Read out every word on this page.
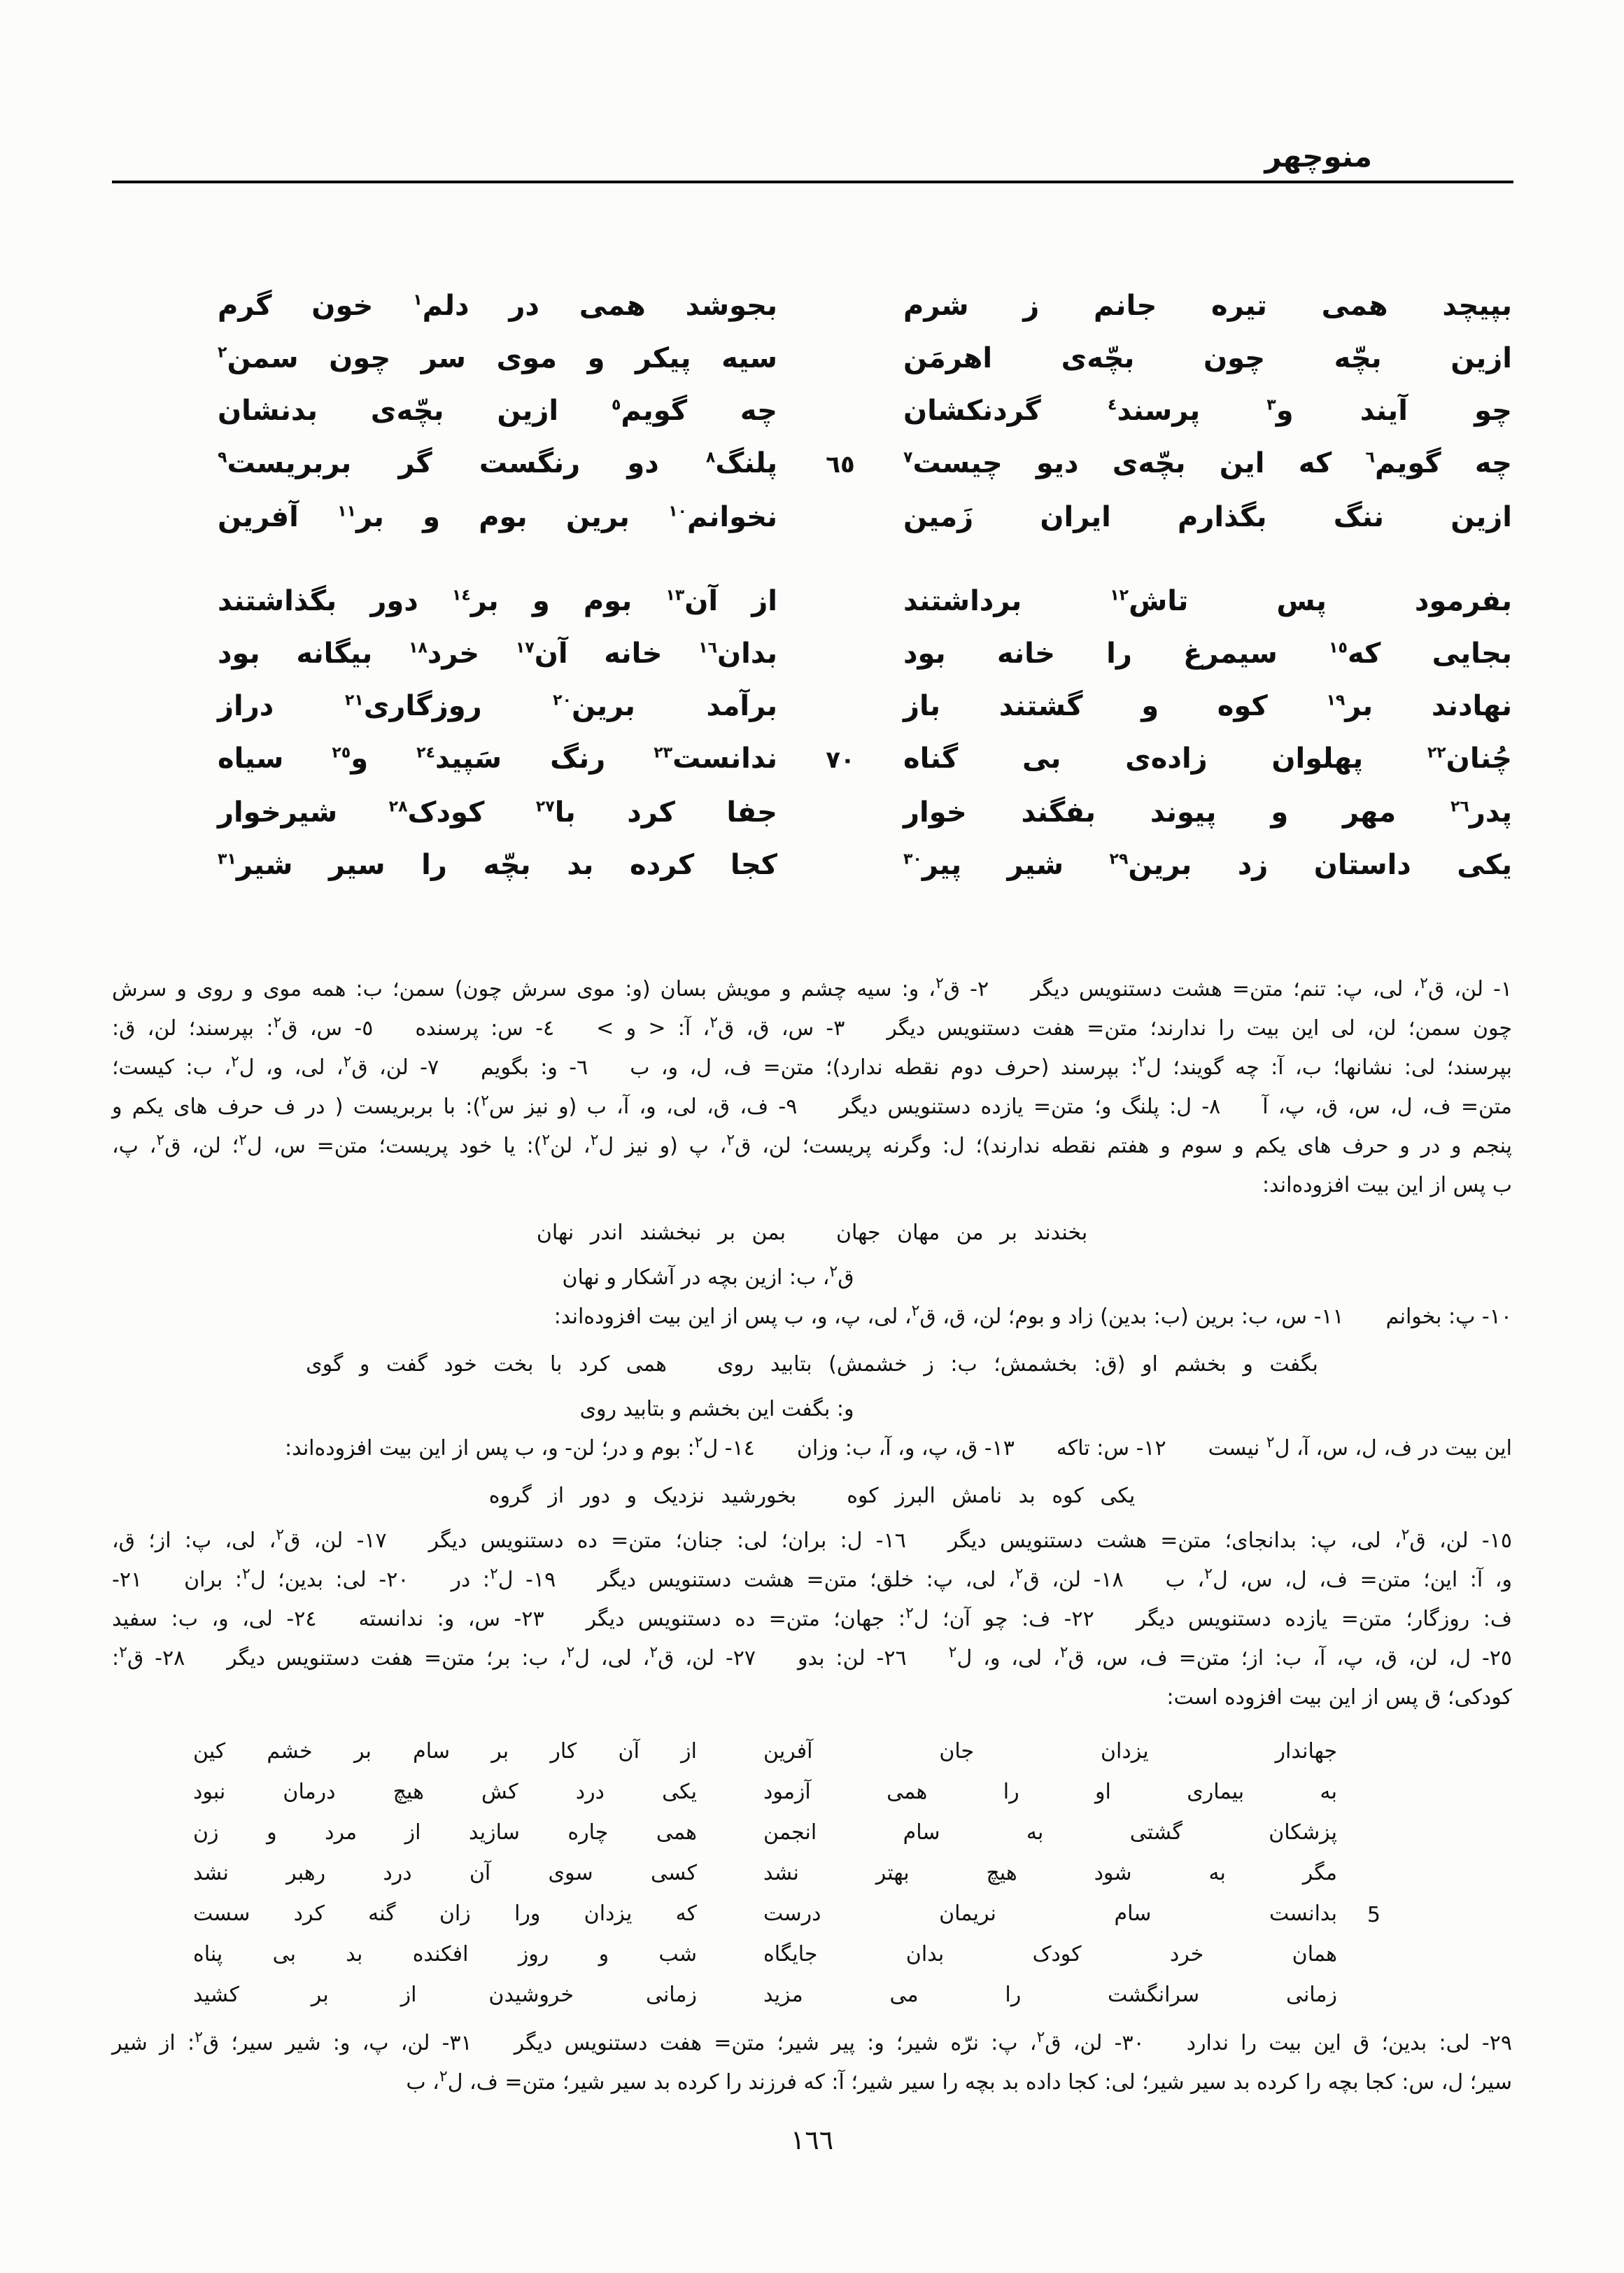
منوچهر
بپیچد همی تیره جانم ز شرم
بجوشد همی در دلم$^١$ خون گرم
ازین بچّه چون بچّه‌ی اهرمَن
سیه پیکر و موی سر چون سمن$^٢$
چو آیند و$^٣$ پرسند$^٤$ گردنکشان
چه گویم$^٥$ ازین بچّه‌ی بدنشان
چه گویم$^٦$ که این بچّه‌ی دیو چیست$^٧$
٦٥
پلنگ$^٨$ دو رنگست گر بربریست$^٩$
ازین ننگ بگذارم ایران زَمین
نخوانم$^{١٠}$ برین بوم و بر$^{١١}$ آفرین
بفرمود پس تاش$^{١٢}$ برداشتند
از آن$^{١٣}$ بوم و بر$^{١٤}$ دور بگذاشتند
بجایی که$^{١٥}$ سیمرغ را خانه بود
بدان$^{١٦}$ خانه آن$^{١٧}$ خرد$^{١٨}$ بیگانه بود
نهادند بر$^{١٩}$ کوه و گشتند باز
برآمد برین$^{٢٠}$ روزگاری$^{٢١}$ دراز
چُنان$^{٢٢}$ پهلوان زاده‌ی بی گناه
٧٠
ندانست$^{٢٣}$ رنگ سَپید$^{٢٤}$ و$^{٢٥}$ سیاه
پدر$^{٢٦}$ مهر و پیوند بفگند خوار
جفا کرد با$^{٢٧}$ کودک$^{٢٨}$ شیرخوار
یکی داستان زد برین$^{٢٩}$ شیر پیر$^{٣٠}$
کجا کرده بد بچّه را سیر شیر$^{٣١}$
١- لن، ق$^٢$، لی، پ: تنم؛ متن= هشت دستنویس دیگر  ٢- ق$^٢$، و: سیه چشم و مویش بسان (و: موی سرش چون) سمن؛ ب: همه موی و روی و سرش
چون سمن؛ لن، لی این بیت را ندارند؛ متن= هفت دستنویس دیگر  ٣- س، ق، ق$^٢$، آ: < و >  ٤- س: پرسنده  ٥- س، ق$^٢$: بپرسند؛ لن، ق:
بپرسند؛ لی: نشانها؛ ب، آ: چه گویند؛ ل$^٢$: بپرسند (حرف دوم نقطه ندارد)؛ متن= ف، ل، و، ب  ٦- و: بگویم  ٧- لن، ق$^٢$، لی، و، ل$^٢$، ب: کیست؛
متن= ف، ل، س، ق، پ، آ  ٨- ل: پلنگ و؛ متن= یازده دستنویس دیگر  ٩- ف، ق، لی، و، آ، ب (و نیز س$^٢$): با بربریست ( در ف حرف های یکم و
پنجم و در و حرف های یکم و سوم و هفتم نقطه ندارند)؛ ل: وگرنه پریست؛ لن، ق$^٢$، پ (و نیز ل$^٢$، لن$^٢$): یا خود پریست؛ متن= س، ل$^٢$؛ لن، ق$^٢$، پ،
ب پس از این بیت افزوده‌اند:
بخندند بر من مهان جهان
بمن بر نبخشند اندر نهان
ق$^٢$، ب: ازین بچه در آشکار و نهان
١٠- پ: بخوانم  ١١- س، ب: برین (ب: بدین) زاد و بوم؛ لن، ق، ق$^٢$، لی، پ، و، ب پس از این بیت افزوده‌اند:
بگفت و بخشم او (ق: بخشمش؛ ب: ز خشمش) بتابید روی
همی کرد با بخت خود گفت و گوی
و: بگفت این بخشم و بتابید روی
این بیت در ف، ل، س، آ، ل$^٢$ نیست  ١٢- س: تاکه  ١٣- ق، پ، و، آ، ب: وزان  ١٤- ل$^٢$: بوم و در؛ لن- و، ب پس از این بیت افزوده‌اند:
یکی کوه بد نامش البرز کوه
بخورشید نزدیک و دور از گروه
١٥- لن، ق$^٢$، لی، پ: بدانجای؛ متن= هشت دستنویس دیگر  ١٦- ل: بران؛ لی: جنان؛ متن= ده دستنویس دیگر  ١٧- لن، ق$^٢$، لی، پ: از؛ ق،
و، آ: این؛ متن= ف، ل، س، ل$^٢$، ب  ١٨- لن، ق$^٢$، لی، پ: خلق؛ متن= هشت دستنویس دیگر  ١٩- ل$^٢$: در  ٢٠- لی: بدین؛ ل$^٢$: بران  ٢١-
ف: روزگار؛ متن= یازده دستنویس دیگر  ٢٢- ف: چو آن؛ ل$^٢$: جهان؛ متن= ده دستنویس دیگر  ٢٣- س، و: ندانسته  ٢٤- لی، و، ب: سفید
٢٥- ل، لن، ق، پ، آ، ب: از؛ متن= ف، س، ق$^٢$، لی، و، ل$^٢$  ٢٦- لن: بدو  ٢٧- لن، ق$^٢$، لی، ل$^٢$، ب: بر؛ متن= هفت دستنویس دیگر  ٢٨- ق$^٢$:
کودکی؛ ق پس از این بیت افزوده است:
جهاندار یزدان جان آفرین
از آن کار بر سام بر خشم کین
به بیماری او را همی آزمود
یکی درد کش هیچ درمان نبود
پزشکان گشتی به سام انجمن
همی چاره سازید از مرد و زن
مگر به شود هیچ بهتر نشد
کسی سوی آن درد رهبر نشد
5
بدانست سام نریمان درست
که یزدان ورا زان گنه کرد سست
همان خرد کودک بدان جایگاه
شب و روز افکنده بد بی پناه
زمانی سرانگشت را می مزید
زمانی خروشیدن از بر کشید
٢٩- لی: بدین؛ ق این بیت را ندارد  ٣٠- لن، ق$^٢$، پ: نرّه شیر؛ و: پیر شیر؛ متن= هفت دستنویس دیگر  ٣١- لن، پ، و: شیر سیر؛ ق$^٢$: از شیر
سیر؛ ل، س: کجا بچه را کرده بد سیر شیر؛ لی: کجا داده بد بچه را سیر شیر؛ آ: که فرزند را کرده بد سیر شیر؛ متن= ف، ل$^٢$، ب
١٦٦
